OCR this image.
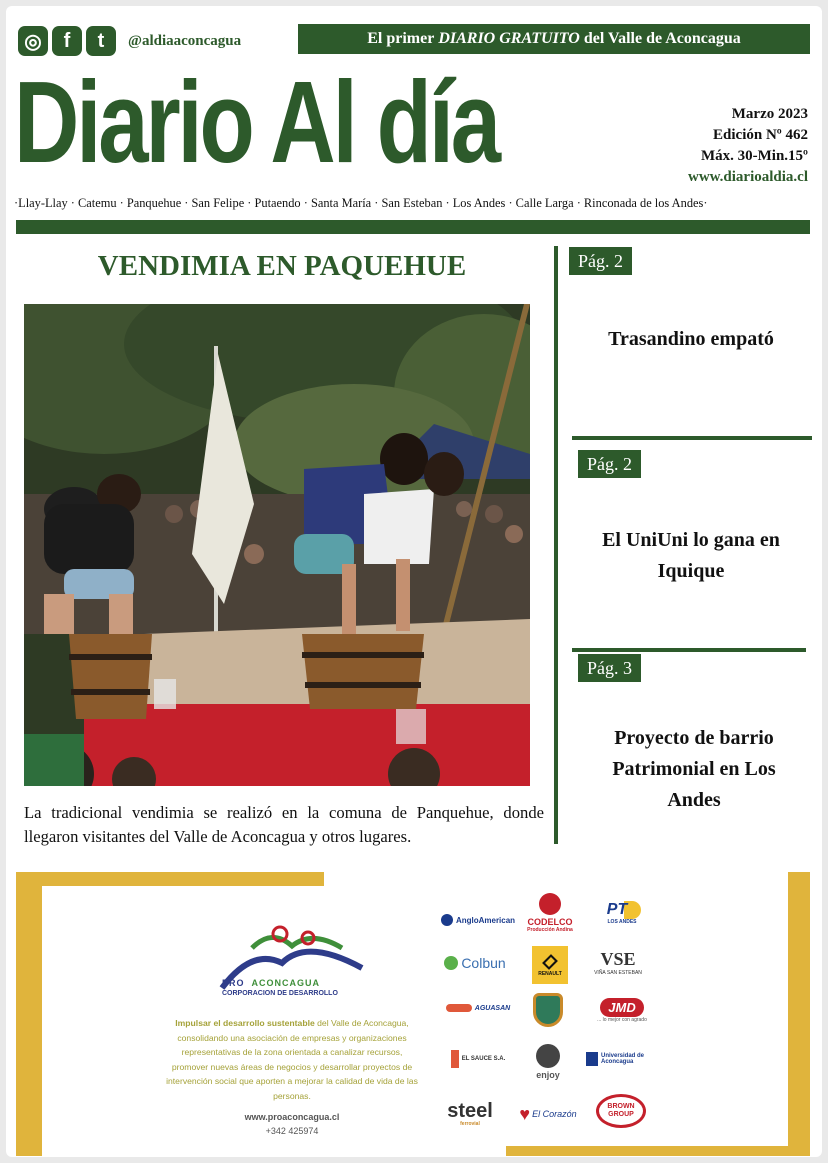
◎	f	t	@aldiaaconcagua	El primer DIARIO GRATUITO del Valle de Aconcagua
Diario Al día	Marzo 2023
Edición Nº 462
Máx. 30-Min.15º
www.diarioaldia.cl
·Llay-Llay · Catemu · Panquehue · San Felipe · Putaendo · Santa María · San Esteban · Los Andes · Calle Larga · Rinconada de los Andes·
VENDIMIA EN PAQUEHUE

La tradicional vendimia se realizó en la comuna de Panquehue, donde llegaron visitantes del Valle de Aconcagua y otros lugares.

Pág. 2
Trasandino empató
Pág. 2
El UniUni lo gana en Iquique
Pág. 3
Proyecto de barrio Patrimonial en Los Andes
PRO ACONCAGUA
CORPORACION DE DESARROLLO
Impulsar el desarrollo sustentable del Valle de Aconcagua, consolidando una asociación de empresas y organizaciones representativas de la zona orientada a canalizar recursos, promover nuevas áreas de negocios y desarrollar proyectos de intervención social que aporten a mejorar la calidad de vida de las personas.
www.proaconcagua.cl
+342 425974
AngloAmerican CODELCO
Producción Andina
PT
LOS ANDES
Colbun
RENAULT
VSE
VIÑA SAN ESTEBAN
AGUASAN	JMD
... lo mejor con agrado
EL SAUCE S.A.
enjoy
Universidad de Aconcagua
steel
ferrovial
♥ El Corazón
BROWN GROUP
